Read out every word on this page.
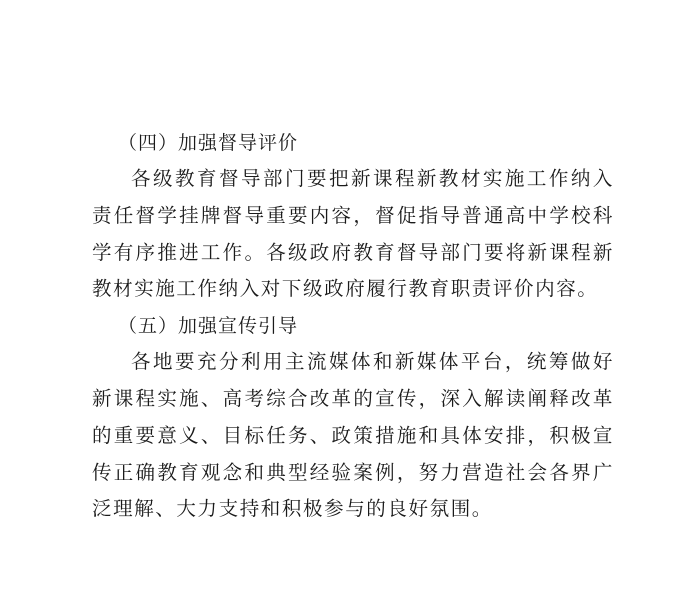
（四）加强督导评价

各级教育督导部门要把新课程新教材实施工作纳入责任督学挂牌督导重要内容，督促指导普通高中学校科学有序推进工作。各级政府教育督导部门要将新课程新教材实施工作纳入对下级政府履行教育职责评价内容。

（五）加强宣传引导

各地要充分利用主流媒体和新媒体平台，统筹做好新课程实施、高考综合改革的宣传，深入解读阐释改革的重要意义、目标任务、政策措施和具体安排，积极宣传正确教育观念和典型经验案例，努力营造社会各界广泛理解、大力支持和积极参与的良好氛围。
